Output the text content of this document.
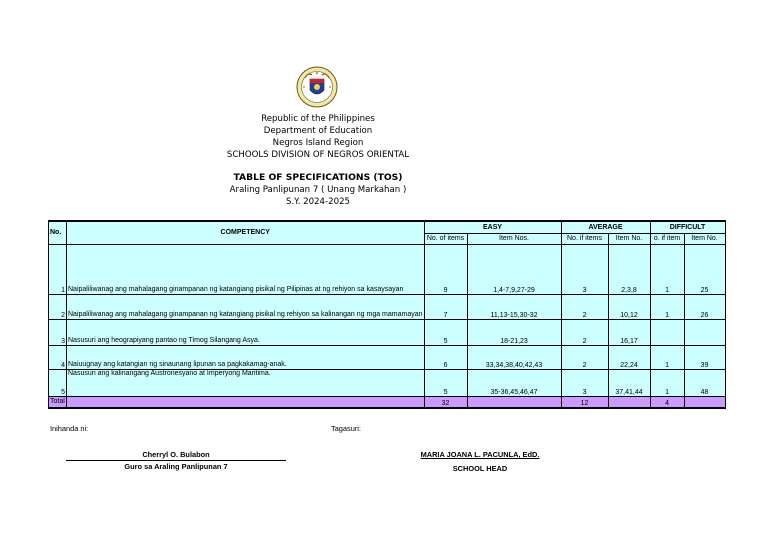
Republic of the Philippines
Department of Education
Negros Island Region
SCHOOLS DIVISION OF NEGROS ORIENTAL
TABLE OF SPECIFICATIONS (TOS)
Araling Panlipunan 7 ( Unang Markahan )
S.Y. 2024-2025
No.	COMPETENCY	EASY		AVERAGE		DIFFICULT	
		No. of items	Item Nos.	No. if items	Item No.	o. if item	Item No.
1	Naipaliliwanag ang mahalagang ginampanan ng katangiang pisikal ng Pilipinas at ng rehiyon sa kasaysayan	9	1,4-7,9,27-29	3	2,3,8	1	25
2	Naipaliliwanag ang mahalagang ginampanan ng katangiang pisikal ng rehiyon sa kalinangan ng mga mamamayan	7	11,13-15,30-32	2	10,12	1	26
3	Nasusuri ang heograpiyang pantao ng Timog Silangang Asya.	5	18-21,23	2	16,17		
4	Naiuugnay ang katangian ng sinaunang lipunan sa pagkakamag-anak.	6	33,34,38,40,42,43	2	22,24	1	39
5	Nasusuri ang kalinangang Austronesyano at Imperyong Maritima.	5	35-36,45,46,47	3	37,41,44	1	48
Total		32		12		4	
Inihanda ni:	Tagasuri:
Cherryl O. Bulabon
Guro sa Araling Panlipunan 7
MARIA JOANA L. PACUNLA, EdD.
SCHOOL HEAD
